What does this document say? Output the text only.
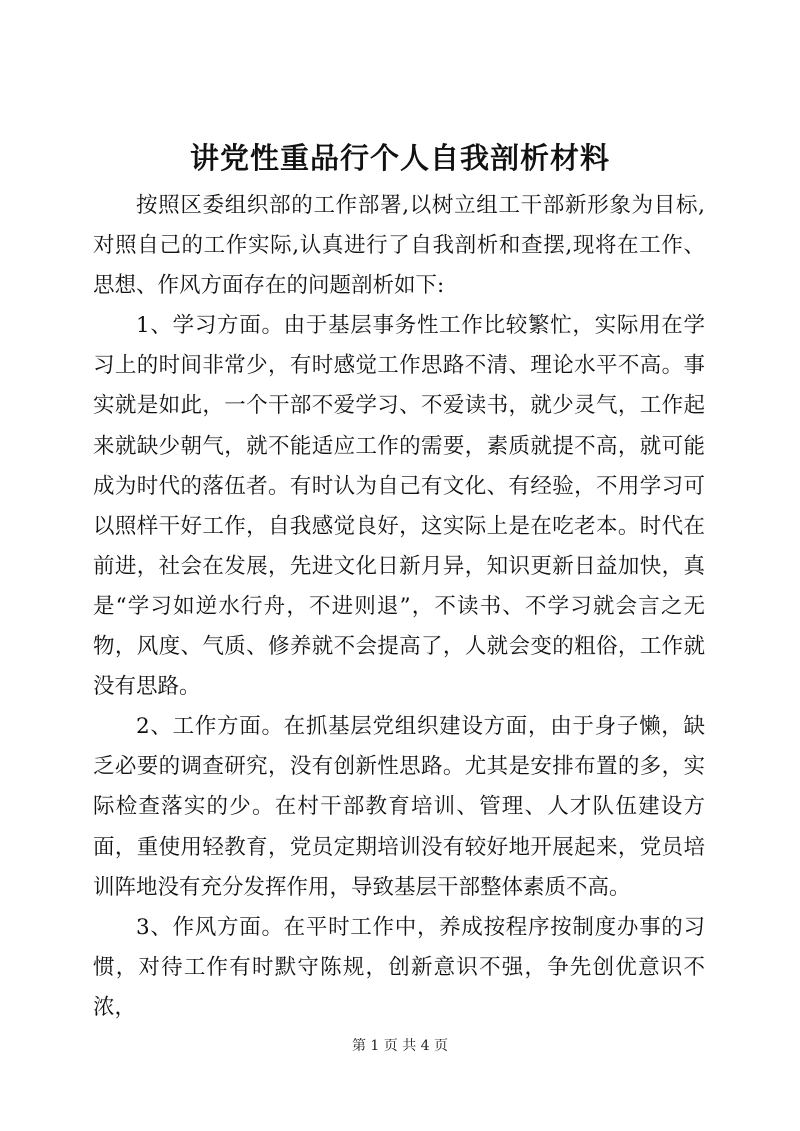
讲党性重品行个人自我剖析材料

按照区委组织部的工作部署,以树立组工干部新形象为目标,对照自己的工作实际,认真进行了自我剖析和查摆,现将在工作、思想、作风方面存在的问题剖析如下:

1、学习方面。由于基层事务性工作比较繁忙，实际用在学习上的时间非常少，有时感觉工作思路不清、理论水平不高。事实就是如此，一个干部不爱学习、不爱读书，就少灵气，工作起来就缺少朝气，就不能适应工作的需要，素质就提不高，就可能成为时代的落伍者。有时认为自己有文化、有经验，不用学习可以照样干好工作，自我感觉良好，这实际上是在吃老本。时代在前进，社会在发展，先进文化日新月异，知识更新日益加快，真是“学习如逆水行舟，不进则退”，不读书、不学习就会言之无物，风度、气质、修养就不会提高了，人就会变的粗俗，工作就没有思路。

2、工作方面。在抓基层党组织建设方面，由于身子懒，缺乏必要的调查研究，没有创新性思路。尤其是安排布置的多，实际检查落实的少。在村干部教育培训、管理、人才队伍建设方面，重使用轻教育，党员定期培训没有较好地开展起来，党员培训阵地没有充分发挥作用，导致基层干部整体素质不高。

3、作风方面。在平时工作中，养成按程序按制度办事的习惯，对待工作有时默守陈规，创新意识不强，争先创优意识不浓，

第 1 页 共 4 页
